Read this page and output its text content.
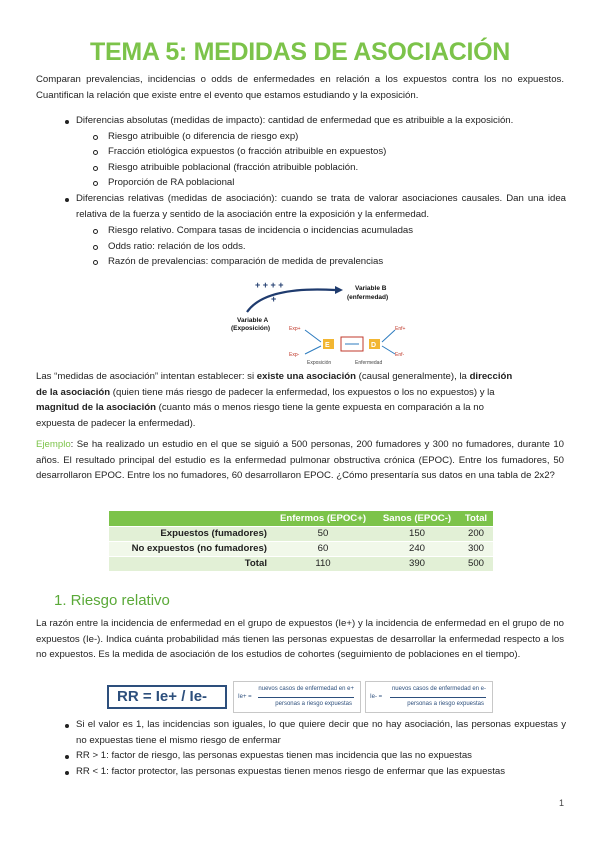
TEMA 5: MEDIDAS DE ASOCIACIÓN
Comparan prevalencias, incidencias o odds de enfermedades en relación a los expuestos contra los no expuestos. Cuantifican la relación que existe entre el evento que estamos estudiando y la exposición.
Diferencias absolutas (medidas de impacto): cantidad de enfermedad que es atribuible a la exposición.
Riesgo atribuible (o diferencia de riesgo exp)
Fracción etiológica expuestos (o fracción atribuible en expuestos)
Riesgo atribuible poblacional (fracción atribuible población.
Proporción de RA poblacional
Diferencias relativas (medidas de asociación): cuando se trata de valorar asociaciones causales. Dan una idea relativa de la fuerza y sentido de la asociación entre la exposición y la enfermedad.
Riesgo relativo. Compara tasas de incidencia o incidencias acumuladas
Odds ratio: relación de los odds.
Razón de prevalencias: comparación de medida de prevalencias
+ + + +
+
Variable A
(Exposición)
Variable B
(enfermedad)
Exp+
Exp-
E	D
Enf+
Enf-
Exposición	Enfermedad
Las “medidas de asociación” intentan establecer: si existe una asociación (causal generalmente), la dirección
de la asociación (quien tiene más riesgo de padecer la enfermedad, los expuestos o los no expuestos) y la
magnitud de la asociación (cuanto más o menos riesgo tiene la gente expuesta en comparación a la no
expuesta de padecer la enfermedad).
Ejemplo: Se ha realizado un estudio en el que se siguió a 500 personas, 200 fumadores y 300 no fumadores, durante 10 años. El resultado principal del estudio es la enfermedad pulmonar obstructiva crónica (EPOC). Entre los fumadores, 50 desarrollaron EPOC. Entre los no fumadores, 60 desarrollaron EPOC. ¿Cómo presentaría sus datos en una tabla de 2x2?
	Enfermos (EPOC+)	Sanos (EPOC-)	Total
Expuestos (fumadores)	50	150	200
No expuestos (no fumadores)	60	240	300
Total	110	390	500
1. Riesgo relativo
La razón entre la incidencia de enfermedad en el grupo de expuestos (Ie+) y la incidencia de enfermedad en el grupo de no expuestos (Ie-). Indica cuánta probabilidad más tienen las personas expuestas de desarrollar la enfermedad respecto a los no expuestos. Es la medida de asociación de los estudios de cohortes (seguimiento de poblaciones en el tiempo).
RR = Ie+ / Ie-	nuevos casos de enfermedad en e+
Ie+ =
personas a riesgo expuestas
nuevos casos de enfermedad en e-
Ie- =
personas a riesgo expuestas
Si el valor es 1, las incidencias son iguales, lo que quiere decir que no hay asociación, las personas expuestas y no expuestas tiene el mismo riesgo de enfermar
RR > 1: factor de riesgo, las personas expuestas tienen mas incidencia que las no expuestas
RR < 1: factor protector, las personas expuestas tienen menos riesgo de enfermar que las expuestas
1
